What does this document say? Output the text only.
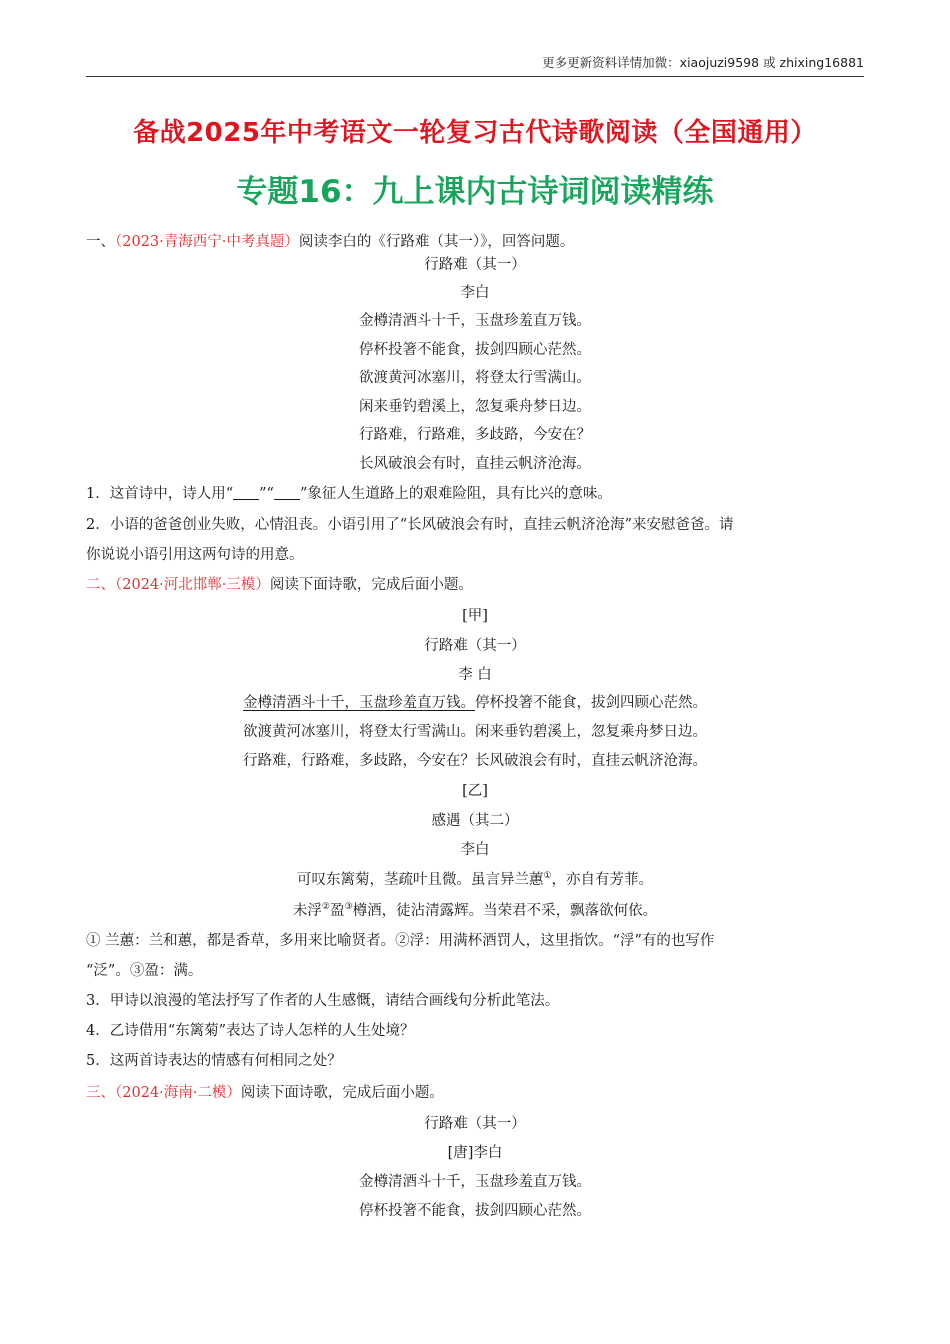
更多更新资料详情加微：xiaojuzi9598 或 zhixing16881
备战2025年中考语文一轮复习古代诗歌阅读（全国通用）
专题16：九上课内古诗词阅读精练
一、（2023·青海西宁·中考真题）阅读李白的《行路难（其一）》，回答问题。
行路难（其一）
李白
金樽清酒斗十千，玉盘珍羞直万钱。
停杯投箸不能食，拔剑四顾心茫然。
欲渡黄河冰塞川，将登太行雪满山。
闲来垂钓碧溪上，忽复乘舟梦日边。
行路难，行路难，多歧路，今安在？
长风破浪会有时，直挂云帆济沧海。
1．这首诗中，诗人用“ ”“ ”象征人生道路上的艰难险阻，具有比兴的意味。
2．小语的爸爸创业失败，心情沮丧。小语引用了“长风破浪会有时，直挂云帆济沧海”来安慰爸爸。请
你说说小语引用这两句诗的用意。
二、（2024·河北邯郸·三模）阅读下面诗歌，完成后面小题。
[甲]
行路难（其一）
李 白
金樽清酒斗十千，玉盘珍羞直万钱。停杯投箸不能食，拔剑四顾心茫然。
欲渡黄河冰塞川，将登太行雪满山。闲来垂钓碧溪上，忽复乘舟梦日边。
行路难，行路难，多歧路，今安在？长风破浪会有时，直挂云帆济沧海。
[乙]
感遇（其二）
李白
可叹东篱菊，茎疏叶且微。虽言异兰蕙①，亦自有芳菲。
未浮②盈③樽酒，徒沾清露辉。当荣君不采，飘落欲何依。
① 兰蕙：兰和蕙，都是香草，多用来比喻贤者。②浮：用满杯酒罚人，这里指饮。“浮”有的也写作
“泛”。③盈：满。
3．甲诗以浪漫的笔法抒写了作者的人生感慨，请结合画线句分析此笔法。
4．乙诗借用“东篱菊”表达了诗人怎样的人生处境？
5．这两首诗表达的情感有何相同之处？
三、（2024·海南·二模）阅读下面诗歌，完成后面小题。
行路难（其一）
[唐]李白
金樽清酒斗十千，玉盘珍羞直万钱。
停杯投箸不能食，拔剑四顾心茫然。
